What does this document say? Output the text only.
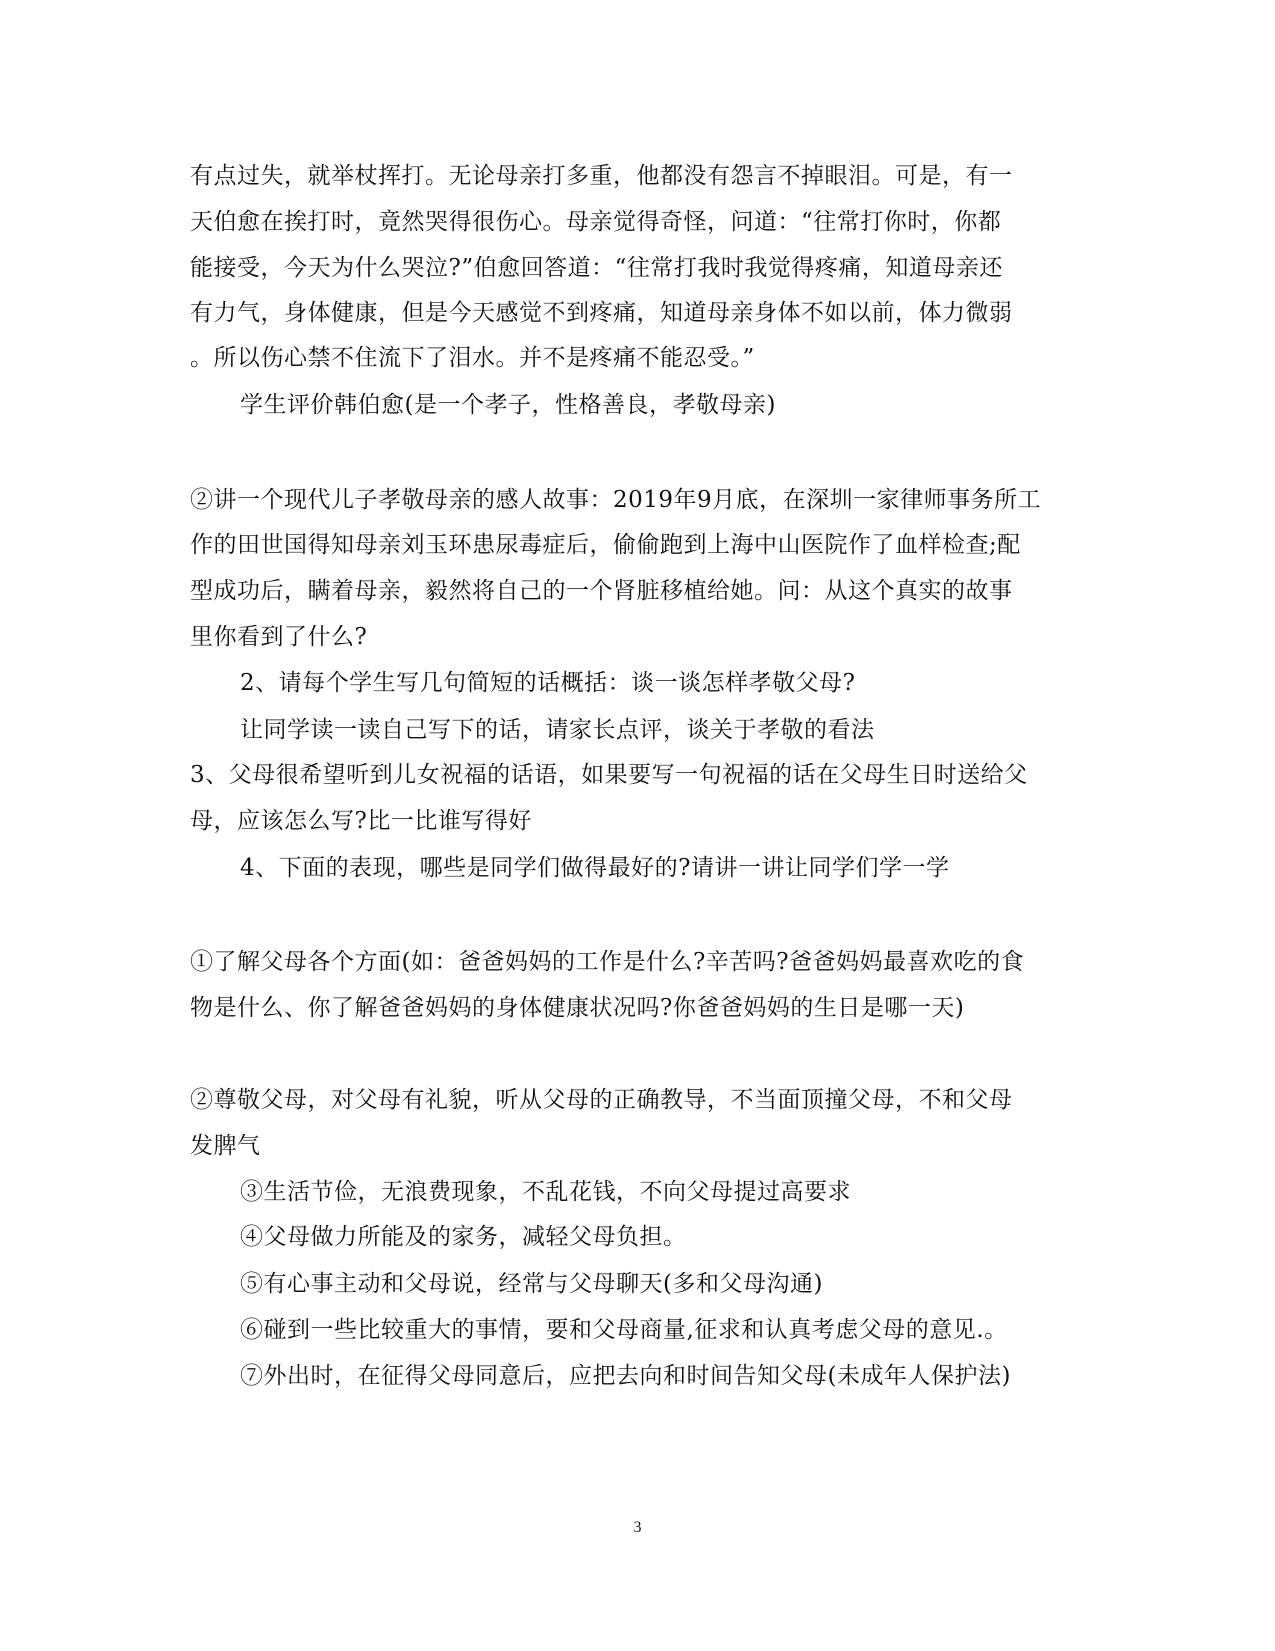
有点过失，就举杖挥打。无论母亲打多重，他都没有怨言不掉眼泪。可是，有一
天伯愈在挨打时，竟然哭得很伤心。母亲觉得奇怪，问道：“往常打你时，你都
能接受，今天为什么哭泣?”伯愈回答道：“往常打我时我觉得疼痛，知道母亲还
有力气，身体健康，但是今天感觉不到疼痛，知道母亲身体不如以前，体力微弱
。所以伤心禁不住流下了泪水。并不是疼痛不能忍受。”
学生评价韩伯愈(是一个孝子，性格善良，孝敬母亲)
②讲一个现代儿子孝敬母亲的感人故事：2019年9月底，在深圳一家律师事务所工
作的田世国得知母亲刘玉环患尿毒症后，偷偷跑到上海中山医院作了血样检查;配
型成功后，瞒着母亲，毅然将自己的一个肾脏移植给她。问：从这个真实的故事
里你看到了什么?
2、请每个学生写几句简短的话概括：谈一谈怎样孝敬父母?
让同学读一读自己写下的话，请家长点评，谈关于孝敬的看法
3、父母很希望听到儿女祝福的话语，如果要写一句祝福的话在父母生日时送给父
母，应该怎么写?比一比谁写得好
4、下面的表现，哪些是同学们做得最好的?请讲一讲让同学们学一学
①了解父母各个方面(如：爸爸妈妈的工作是什么?辛苦吗?爸爸妈妈最喜欢吃的食
物是什么、你了解爸爸妈妈的身体健康状况吗?你爸爸妈妈的生日是哪一天)
②尊敬父母，对父母有礼貌，听从父母的正确教导，不当面顶撞父母，不和父母
发脾气
③生活节俭，无浪费现象，不乱花钱，不向父母提过高要求
④父母做力所能及的家务，减轻父母负担。
⑤有心事主动和父母说，经常与父母聊天(多和父母沟通)
⑥碰到一些比较重大的事情，要和父母商量,征求和认真考虑父母的意见.。
⑦外出时，在征得父母同意后，应把去向和时间告知父母(未成年人保护法)
3
